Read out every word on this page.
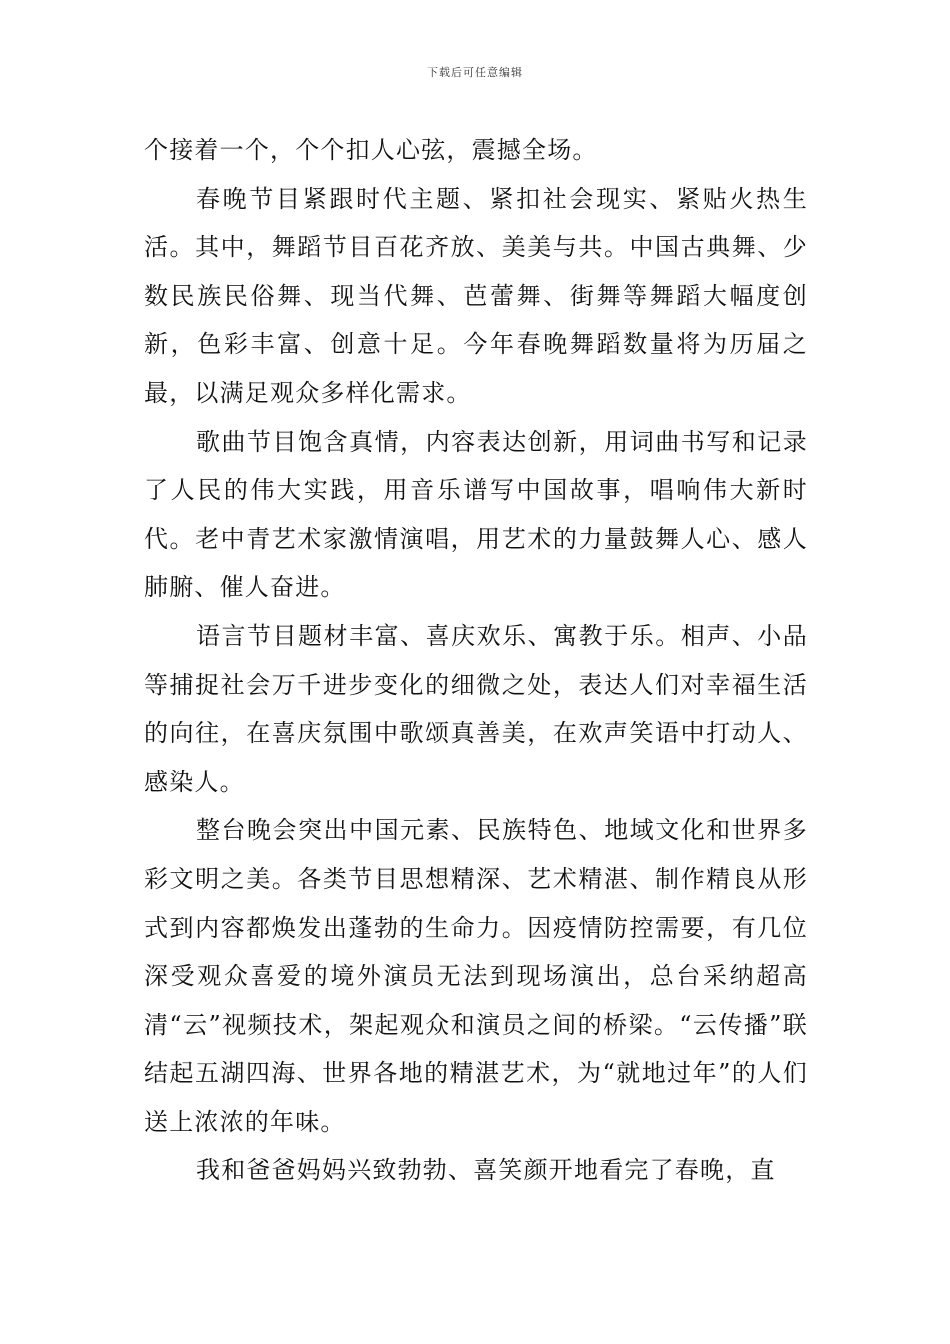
下载后可任意编辑

个接着一个，个个扣人心弦，震撼全场。

春晚节目紧跟时代主题、紧扣社会现实、紧贴火热生活。其中，舞蹈节目百花齐放、美美与共。中国古典舞、少数民族民俗舞、现当代舞、芭蕾舞、街舞等舞蹈大幅度创新，色彩丰富、创意十足。今年春晚舞蹈数量将为历届之最，以满足观众多样化需求。

歌曲节目饱含真情，内容表达创新，用词曲书写和记录了人民的伟大实践，用音乐谱写中国故事，唱响伟大新时代。老中青艺术家激情演唱，用艺术的力量鼓舞人心、感人肺腑、催人奋进。

语言节目题材丰富、喜庆欢乐、寓教于乐。相声、小品等捕捉社会万千进步变化的细微之处，表达人们对幸福生活的向往，在喜庆氛围中歌颂真善美，在欢声笑语中打动人、感染人。

整台晚会突出中国元素、民族特色、地域文化和世界多彩文明之美。各类节目思想精深、艺术精湛、制作精良从形式到内容都焕发出蓬勃的生命力。因疫情防控需要，有几位深受观众喜爱的境外演员无法到现场演出，总台采纳超高清“云”视频技术，架起观众和演员之间的桥梁。“云传播”联结起五湖四海、世界各地的精湛艺术，为“就地过年”的人们送上浓浓的年味。

我和爸爸妈妈兴致勃勃、喜笑颜开地看完了春晚，直
